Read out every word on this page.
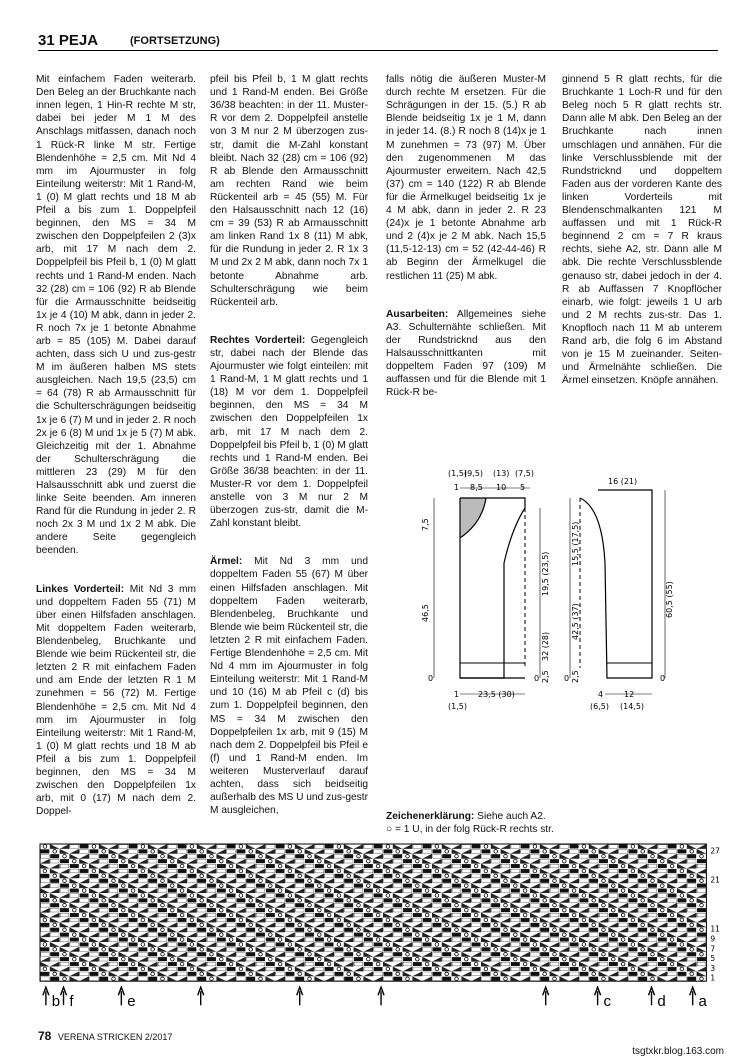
31 PEJA	(FORTSETZUNG)

Mit einfachem Faden weiterarb. Den Beleg an der Bruchkante nach innen legen, 1 Hin-R rechte M str, dabei bei jeder M 1 M des Anschlags mitfassen, danach noch 1 Rück-R linke M str. Fertige Blendenhöhe = 2,5 cm. Mit Nd 4 mm im Ajourmuster in folg Einteilung weiterstr: Mit 1 Rand-M, 1 (0) M glatt rechts und 18 M ab Pfeil a bis zum 1. Doppelpfeil beginnen, den MS = 34 M zwischen den Doppelpfeilen 2 (3)x arb, mit 17 M nach dem 2. Doppelpfeil bis Pfeil b, 1 (0) M glatt rechts und 1 Rand-M enden. Nach 32 (28) cm = 106 (92) R ab Blende für die Armausschnitte beidseitig 1x je 4 (10) M abk, dann in jeder 2. R noch 7x je 1 betonte Abnahme arb = 85 (105) M. Dabei darauf achten, dass sich U und zus-gestr M im äußeren halben MS stets ausgleichen. Nach 19,5 (23,5) cm = 64 (78) R ab Armausschnitt für die Schulterschrägungen beidseitig 1x je 6 (7) M und in jeder 2. R noch 2x je 6 (8) M und 1x je 5 (7) M abk. Gleichzeitig mit der 1. Abnahme der Schulterschrägung die mittleren 23 (29) M für den Halsausschnitt abk und zuerst die linke Seite beenden. Am inneren Rand für die Rundung in jeder 2. R noch 2x 3 M und 1x 2 M abk. Die andere Seite gegengleich beenden.

Linkes Vorderteil: Mit Nd 3 mm und doppeltem Faden 55 (71) M über einen Hilfsfaden anschlagen. Mit doppeltem Faden weiterarb, Blendenbeleg, Bruchkante und Blende wie beim Rückenteil str, die letzten 2 R mit einfachem Faden und am Ende der letzten R 1 M zunehmen = 56 (72) M. Fertige Blendenhöhe = 2,5 cm. Mit Nd 4 mm im Ajourmuster in folg Einteilung weiterstr: Mit 1 Rand-M, 1 (0) M glatt rechts und 18 M ab Pfeil a bis zum 1. Doppelpfeil beginnen, den MS = 34 M zwischen den Doppelpfeilen 1x arb, mit 0 (17) M nach dem 2. Doppel-

pfeil bis Pfeil b, 1 M glatt rechts und 1 Rand-M enden. Bei Größe 36/38 beachten: in der 11. Muster-R vor dem 2. Doppelpfeil anstelle von 3 M nur 2 M überzogen zus-str, damit die M-Zahl konstant bleibt. Nach 32 (28) cm = 106 (92) R ab Blende den Armausschnitt am rechten Rand wie beim Rückenteil arb = 45 (55) M. Für den Halsausschnitt nach 12 (16) cm = 39 (53) R ab Armausschnitt am linken Rand 1x 8 (11) M abk, für die Rundung in jeder 2. R 1x 3 M und 2x 2 M abk, dann noch 7x 1 betonte Abnahme arb. Schulterschrägung wie beim Rückenteil arb.

Rechtes Vorderteil: Gegengleich str, dabei nach der Blende das Ajourmuster wie folgt einteilen: mit 1 Rand-M, 1 M glatt rechts und 1 (18) M vor dem 1. Doppelpfeil beginnen, den MS = 34 M zwischen den Doppelpfeilen 1x arb, mit 17 M nach dem 2. Doppelpfeil bis Pfeil b, 1 (0) M glatt rechts und 1 Rand-M enden. Bei Größe 36/38 beachten: in der 11. Muster-R vor dem 1. Doppelpfeil anstelle von 3 M nur 2 M überzogen zus-str, damit die M-Zahl konstant bleibt.

Ärmel: Mit Nd 3 mm und doppeltem Faden 55 (67) M über einen Hilfsfaden anschlagen. Mit doppeltem Faden weiterarb, Blendenbeleg, Bruchkante und Blende wie beim Rückenteil str, die letzten 2 R mit einfachem Faden. Fertige Blendenhöhe = 2,5 cm. Mit Nd 4 mm im Ajourmuster in folg Einteilung weiterstr: Mit 1 Rand-M und 10 (16) M ab Pfeil c (d) bis zum 1. Doppelpfeil beginnen, den MS = 34 M zwischen den Doppelpfeilen 1x arb, mit 9 (15) M nach dem 2. Doppelpfeil bis Pfeil e (f) und 1 Rand-M enden. Im weiteren Musterverlauf darauf achten, dass sich beidseitig außerhalb des MS U und zus-gestr M ausgleichen,

falls nötig die äußeren Muster-M durch rechte M ersetzen. Für die Schrägungen in der 15. (5.) R ab Blende beidseitig 1x je 1 M, dann in jeder 14. (8.) R noch 8 (14)x je 1 M zunehmen = 73 (97) M. Über den zugenommenen M das Ajourmuster erweitern. Nach 42,5 (37) cm = 140 (122) R ab Blende für die Ärmelkugel beidseitig 1x je 4 M abk, dann in jeder 2. R 23 (24)x je 1 betonte Abnahme arb und 2 (4)x je 2 M abk. Nach 15,5 (11,5-12-13) cm = 52 (42-44-46) R ab Beginn der Ärmelkugel die restlichen 11 (25) M abk.

Ausarbeiten: Allgemeines siehe A3. Schulternähte schließen. Mit der Rundstricknd aus den Halsausschnittkanten mit doppeltem Faden 97 (109) M auffassen und für die Blende mit 1 Rück-R be-

ginnend 5 R glatt rechts, für die Bruchkante 1 Loch-R und für den Beleg noch 5 R glatt rechts str. Dann alle M abk. Den Beleg an der Bruchkante nach innen umschlagen und annähen. Für die linke Verschlussblende mit der Rundstricknd und doppeltem Faden aus der vorderen Kante des linken Vorderteils mit Blendenschmalkanten 121 M auffassen und mit 1 Rück-R beginnend 2 cm = 7 R kraus rechts, siehe A2, str. Dann alle M abk. Die rechte Verschlussblende genauso str, dabei jedoch in der 4. R ab Auffassen 7 Knopflöcher einarb, wie folgt: jeweils 1 U arb und 2 M rechts zus-str. Das 1. Knopfloch nach 11 M ab unterem Rand arb, die folg 6 im Abstand von je 15 M zueinander. Seiten- und Ärmelnähte schließen. Die Ärmel einsetzen. Knöpfe annähen.

(1,5)
(9,5) (13) (7,5)
1 8,5 10 5
7,5
46,5
19,5 (23,5)
32 (28)
2,5
0	0
1 23,5 (30)
(1,5)
16 (21)
15,5 (17,5)
42,5 (37)
2,5
60,5 (55)
0	0
4	12
(6,5) (14,5)
Zeichenerklärung: Siehe auch A2.
○ = 1 U, in der folg Rück-R rechts str.
27
21
11
9
7
5
3
1
b f	e	c	d a
78 VERENA STRICKEN 2/2017
tsgtxkr.blog.163.com
